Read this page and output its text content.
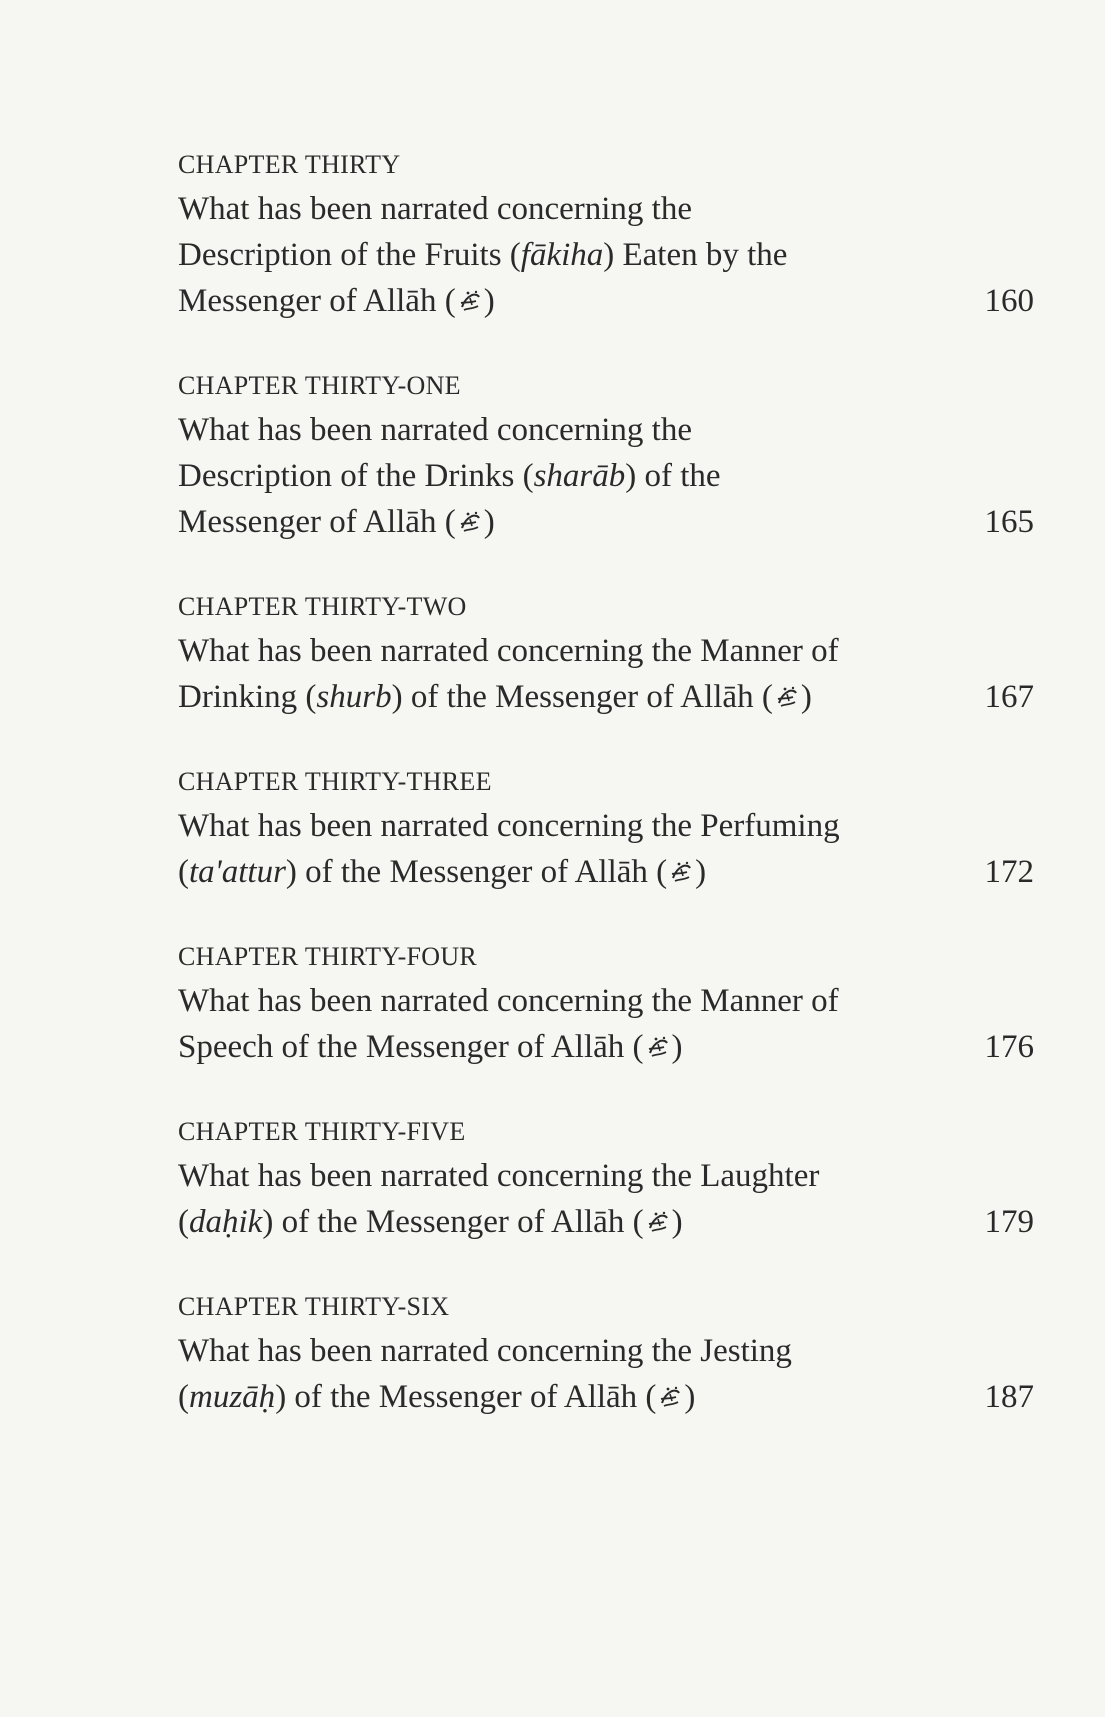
CHAPTER THIRTY
What has been narrated concerning the
Description of the Fruits (fākiha) Eaten by the
Messenger of Allāh ( )	160
CHAPTER THIRTY-ONE
What has been narrated concerning the
Description of the Drinks (sharāb) of the
Messenger of Allāh ( )	165
CHAPTER THIRTY-TWO
What has been narrated concerning the Manner of
Drinking (shurb) of the Messenger of Allāh ( )	167
CHAPTER THIRTY-THREE
What has been narrated concerning the Perfuming
(ta'attur) of the Messenger of Allāh ( )	172
CHAPTER THIRTY-FOUR
What has been narrated concerning the Manner of
Speech of the Messenger of Allāh ( )	176
CHAPTER THIRTY-FIVE
What has been narrated concerning the Laughter
(daḥik) of the Messenger of Allāh ( )	179
CHAPTER THIRTY-SIX
What has been narrated concerning the Jesting
(muzāḥ) of the Messenger of Allāh ( )	187
